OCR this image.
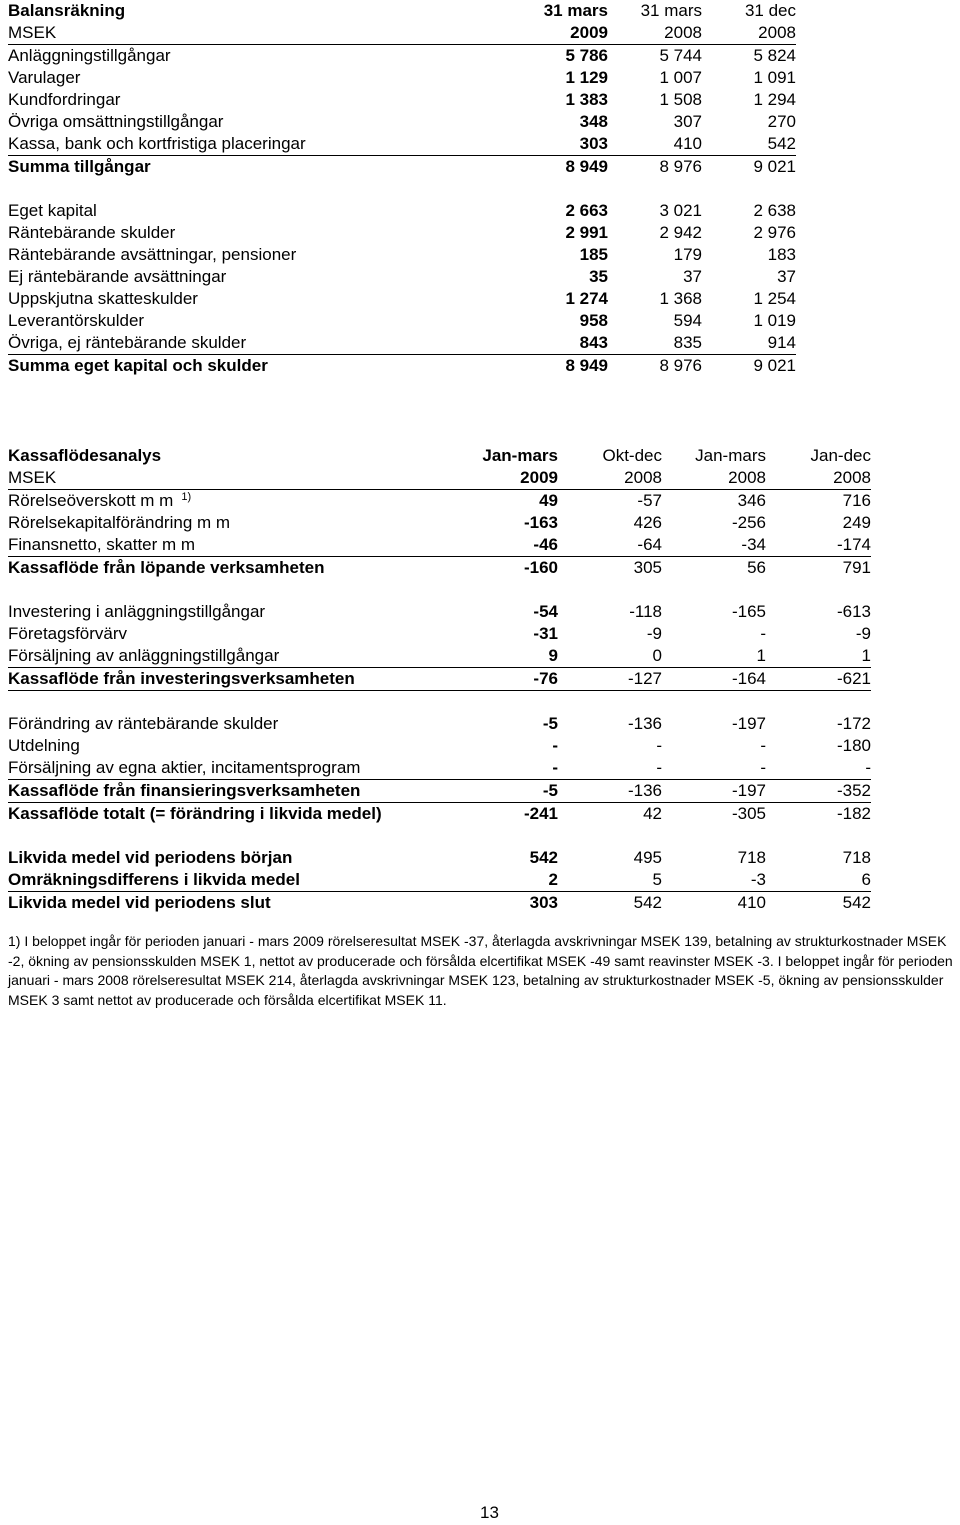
Balansräkning	31 mars	31 mars	31 dec
MSEK	2009	2008	2008
Anläggningstillgångar	5 786	5 744	5 824
Varulager	1 129	1 007	1 091
Kundfordringar	1 383	1 508	1 294
Övriga omsättningstillgångar	348	307	270
Kassa, bank och kortfristiga placeringar	303	410	542
Summa tillgångar	8 949	8 976	9 021

Eget kapital	2 663	3 021	2 638
Räntebärande skulder	2 991	2 942	2 976
Räntebärande avsättningar, pensioner	185	179	183
Ej räntebärande avsättningar	35	37	37
Uppskjutna skatteskulder	1 274	1 368	1 254
Leverantörskulder	958	594	1 019
Övriga, ej räntebärande skulder	843	835	914
Summa eget kapital och skulder	8 949	8 976	9 021
Kassaflödesanalys	Jan-mars	Okt-dec	Jan-mars	Jan-dec
MSEK	2009	2008	2008	2008
Rörelseöverskott m m $^{1)}$	49	-57	346	716
Rörelsekapitalförändring m m	-163	426	-256	249
Finansnetto, skatter m m	-46	-64	-34	-174
Kassaflöde från löpande verksamheten	-160	305	56	791

Investering i anläggningstillgångar	-54	-118	-165	-613
Företagsförvärv	-31	-9	-	-9
Försäljning av anläggningstillgångar	9	0	1	1
Kassaflöde från investeringsverksamheten	-76	-127	-164	-621

Förändring av räntebärande skulder	-5	-136	-197	-172
Utdelning	-	-	-	-180
Försäljning av egna aktier, incitamentsprogram	-	-	-	-
Kassaflöde från finansieringsverksamheten	-5	-136	-197	-352
Kassaflöde totalt (= förändring i likvida medel)	-241	42	-305	-182

Likvida medel vid periodens början	542	495	718	718
Omräkningsdifferens i likvida medel	2	5	-3	6
Likvida medel vid periodens slut	303	542	410	542
1) I beloppet ingår för perioden januari - mars 2009 rörelseresultat MSEK -37, återlagda avskrivningar MSEK 139, betalning av strukturkostnader MSEK -2, ökning av pensionsskulden MSEK 1, nettot av producerade och försålda elcertifikat MSEK -49 samt reavinster MSEK -3. I beloppet ingår för perioden januari - mars 2008 rörelseresultat MSEK 214, återlagda avskrivningar MSEK 123, betalning av strukturkostnader MSEK -5, ökning av pensionsskulder MSEK 3 samt nettot av producerade och försålda elcertifikat MSEK 11.
13
